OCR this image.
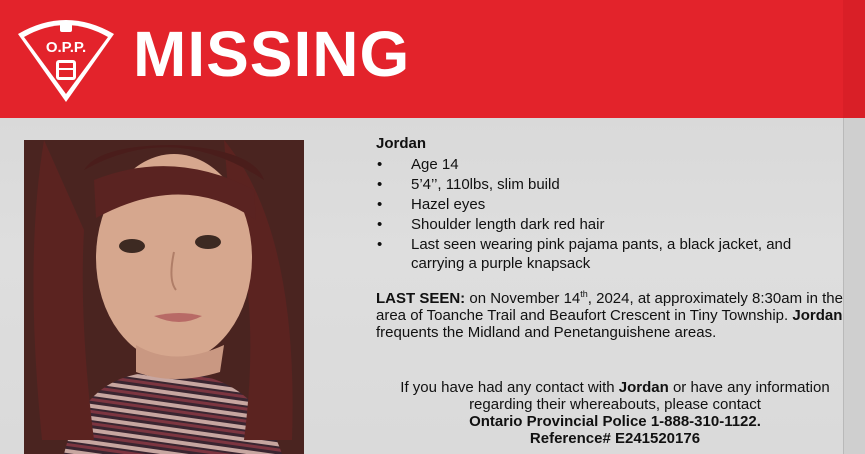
O.P.P. MISSING
Jordan
• Age 14
• 5’4’’, 110lbs, slim build
• Hazel eyes
• Shoulder length dark red hair
• Last seen wearing pink pajama pants, a black jacket, and carrying a purple knapsack
LAST SEEN: on November 14th, 2024, at approximately 8:30am in the area of Toanche Trail and Beaufort Crescent in Tiny Township. Jordan frequents the Midland and Penetanguishene areas.
If you have had any contact with Jordan or have any information regarding their whereabouts, please contact
Ontario Provincial Police 1-888-310-1122.
Reference# E241520176
